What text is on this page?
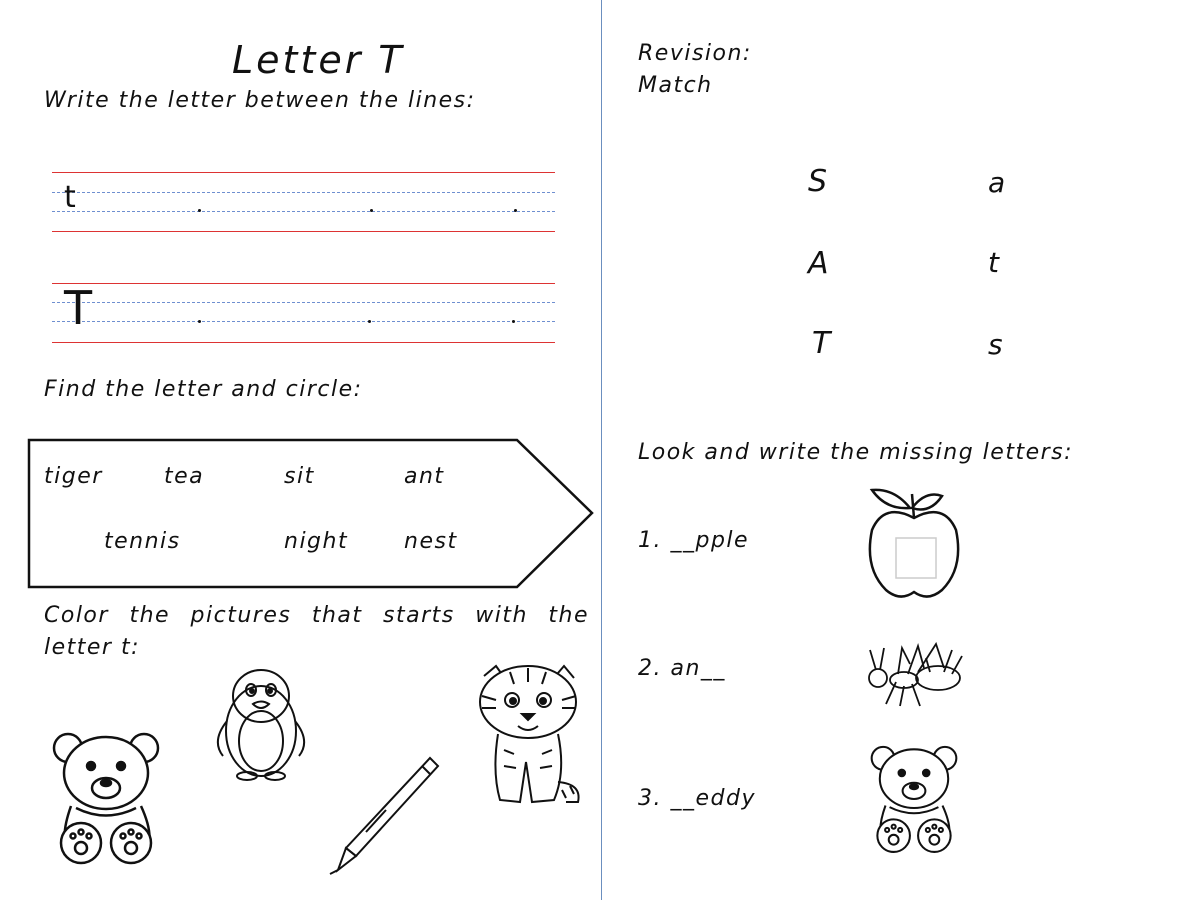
Letter T
Write the letter between the lines:
t
T
Find the letter and circle:
tiger	tea	sit	ant
tennis	night	nest
Color the pictures that starts with the letter t:
Revision:
Match
S
A
T
a
t
s
Look and write the missing letters:
1. __pple
2. an__
3. __eddy
